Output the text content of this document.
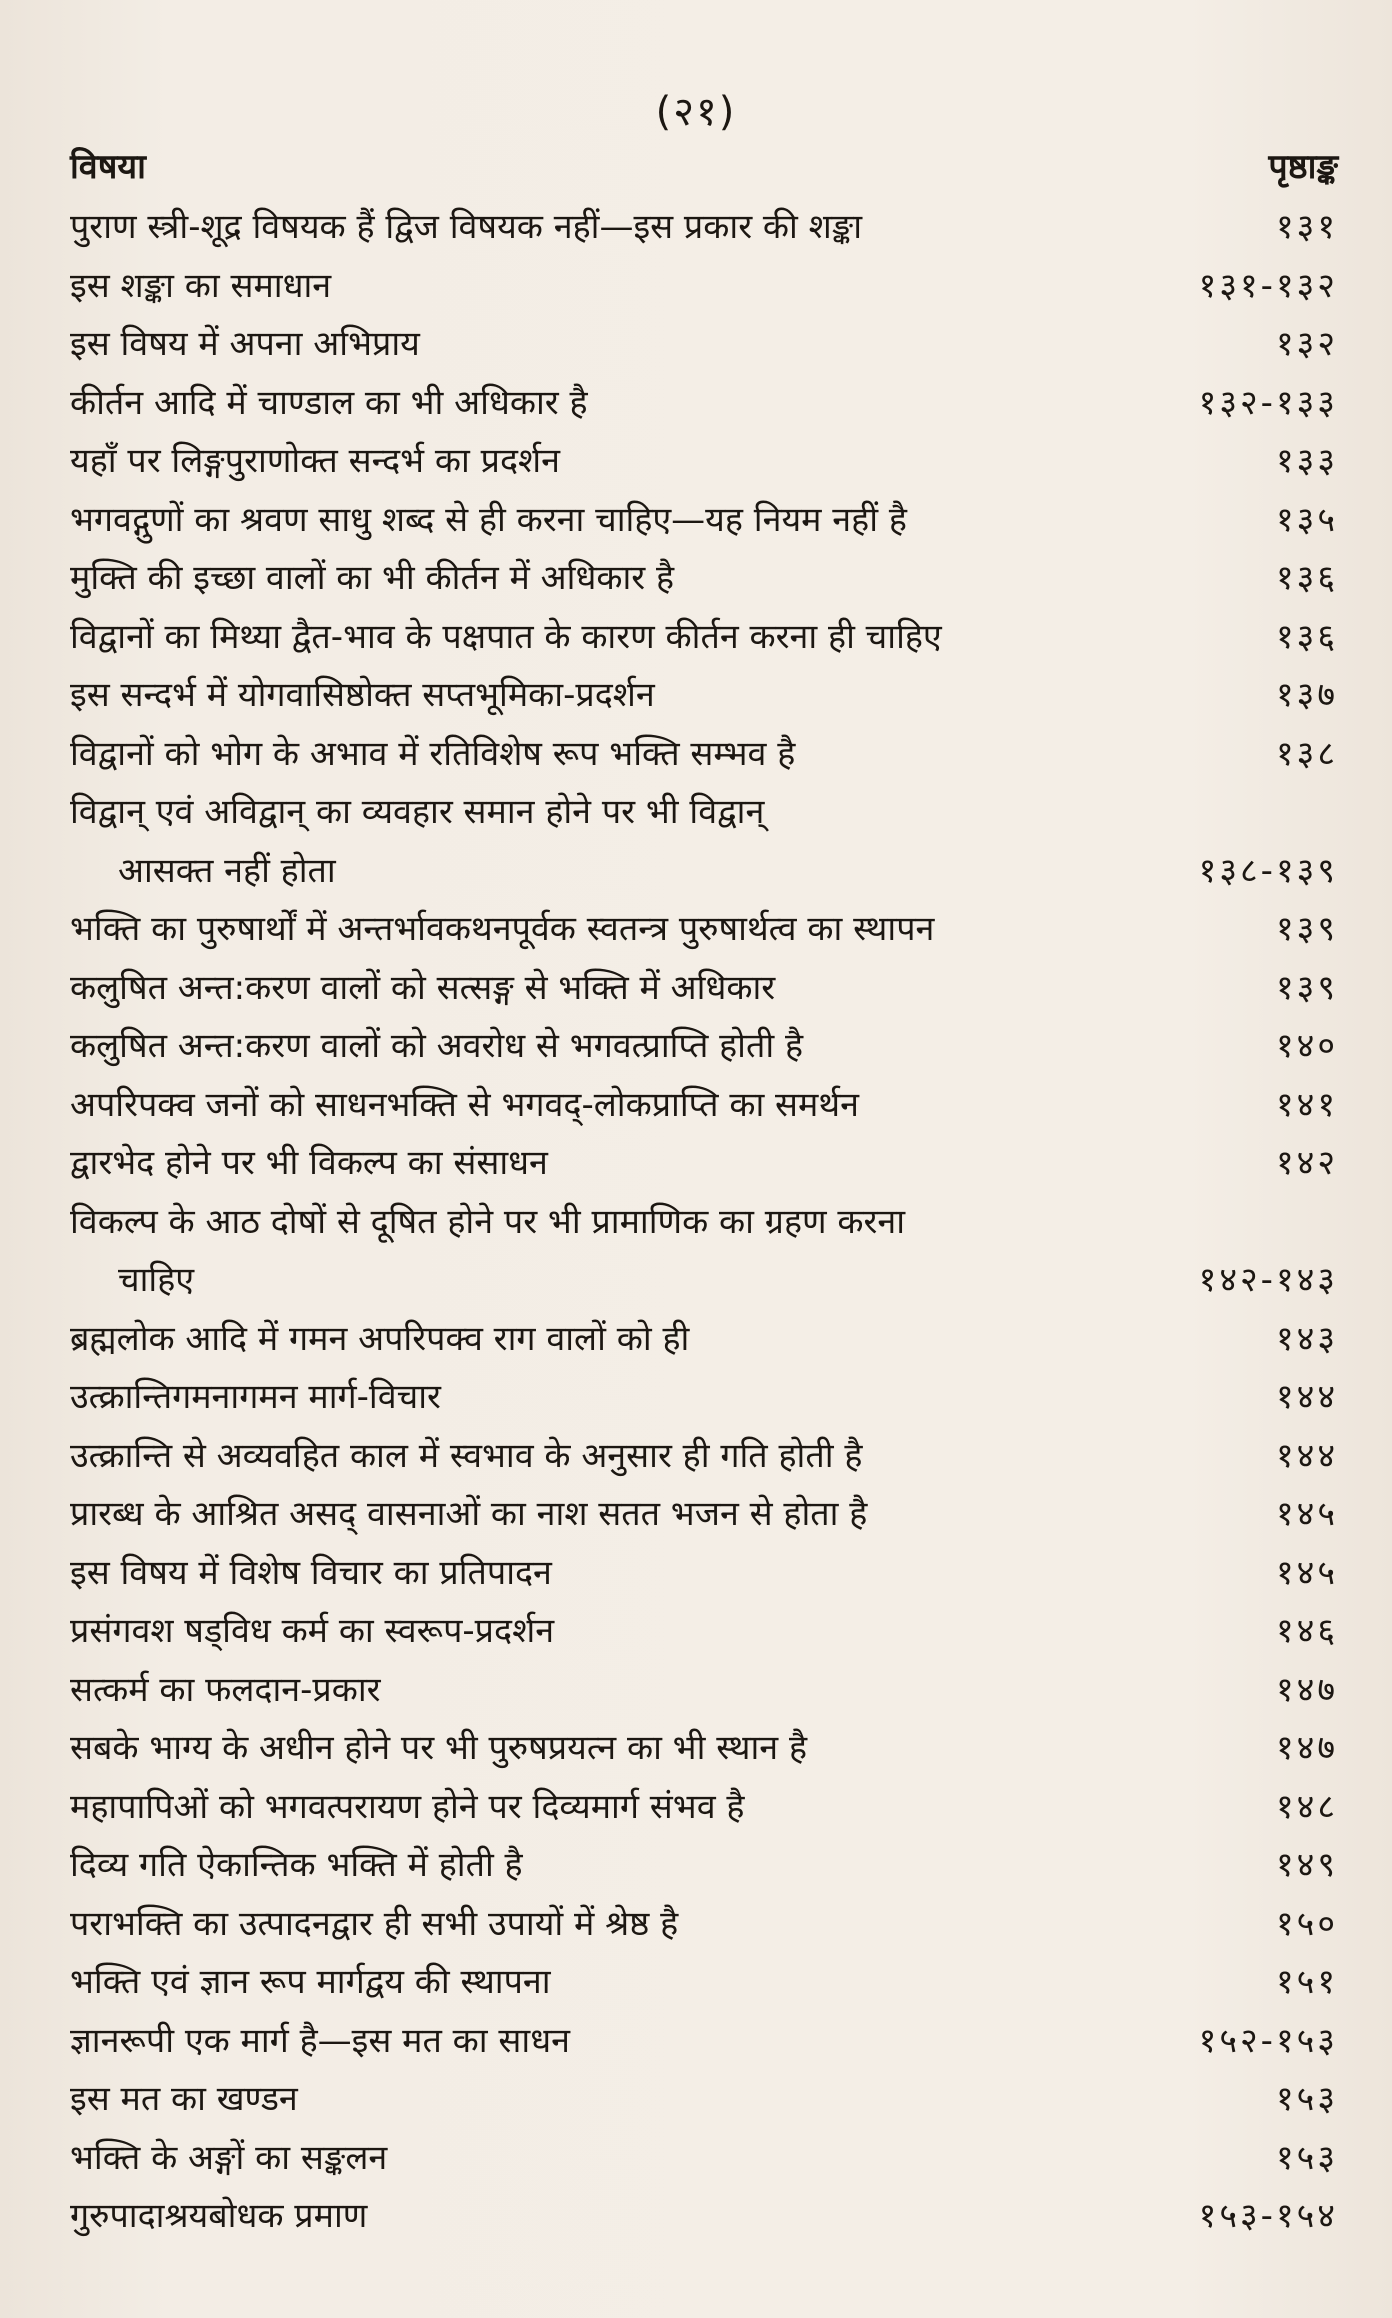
(२१)
विषया	पृष्ठाङ्क
पुराण स्त्री-शूद्र विषयक हैं द्विज विषयक नहीं—इस प्रकार की शङ्का	१३१
इस शङ्का का समाधान	१३१-१३२
इस विषय में अपना अभिप्राय	१३२
कीर्तन आदि में चाण्डाल का भी अधिकार है	१३२-१३३
यहाँ पर लिङ्गपुराणोक्त सन्दर्भ का प्रदर्शन	१३३
भगवद्गुणों का श्रवण साधु शब्द से ही करना चाहिए—यह नियम नहीं है	१३५
मुक्ति की इच्छा वालों का भी कीर्तन में अधिकार है	१३६
विद्वानों का मिथ्या द्वैत-भाव के पक्षपात के कारण कीर्तन करना ही चाहिए	१३६
इस सन्दर्भ में योगवासिष्ठोक्त सप्तभूमिका-प्रदर्शन	१३७
विद्वानों को भोग के अभाव में रतिविशेष रूप भक्ति सम्भव है	१३८
विद्वान् एवं अविद्वान् का व्यवहार समान होने पर भी विद्वान्
आसक्त नहीं होता	१३८-१३९
भक्ति का पुरुषार्थों में अन्तर्भावकथनपूर्वक स्वतन्त्र पुरुषार्थत्व का स्थापन	१३९
कलुषित अन्त:करण वालों को सत्सङ्ग से भक्ति में अधिकार	१३९
कलुषित अन्त:करण वालों को अवरोध से भगवत्प्राप्ति होती है	१४०
अपरिपक्व जनों को साधनभक्ति से भगवद्-लोकप्राप्ति का समर्थन	१४१
द्वारभेद होने पर भी विकल्प का संसाधन	१४२
विकल्प के आठ दोषों से दूषित होने पर भी प्रामाणिक का ग्रहण करना
चाहिए	१४२-१४३
ब्रह्मलोक आदि में गमन अपरिपक्व राग वालों को ही	१४३
उत्क्रान्तिगमनागमन मार्ग-विचार	१४४
उत्क्रान्ति से अव्यवहित काल में स्वभाव के अनुसार ही गति होती है	१४४
प्रारब्ध के आश्रित असद् वासनाओं का नाश सतत भजन से होता है	१४५
इस विषय में विशेष विचार का प्रतिपादन	१४५
प्रसंगवश षड्विध कर्म का स्वरूप-प्रदर्शन	१४६
सत्कर्म का फलदान-प्रकार	१४७
सबके भाग्य के अधीन होने पर भी पुरुषप्रयत्न का भी स्थान है	१४७
महापापिओं को भगवत्परायण होने पर दिव्यमार्ग संभव है	१४८
दिव्य गति ऐकान्तिक भक्ति में होती है	१४९
पराभक्ति का उत्पादनद्वार ही सभी उपायों में श्रेष्ठ है	१५०
भक्ति एवं ज्ञान रूप मार्गद्वय की स्थापना	१५१
ज्ञानरूपी एक मार्ग है—इस मत का साधन	१५२-१५३
इस मत का खण्डन	१५३
भक्ति के अङ्गों का सङ्कलन	१५३
गुरुपादाश्रयबोधक प्रमाण	१५३-१५४
